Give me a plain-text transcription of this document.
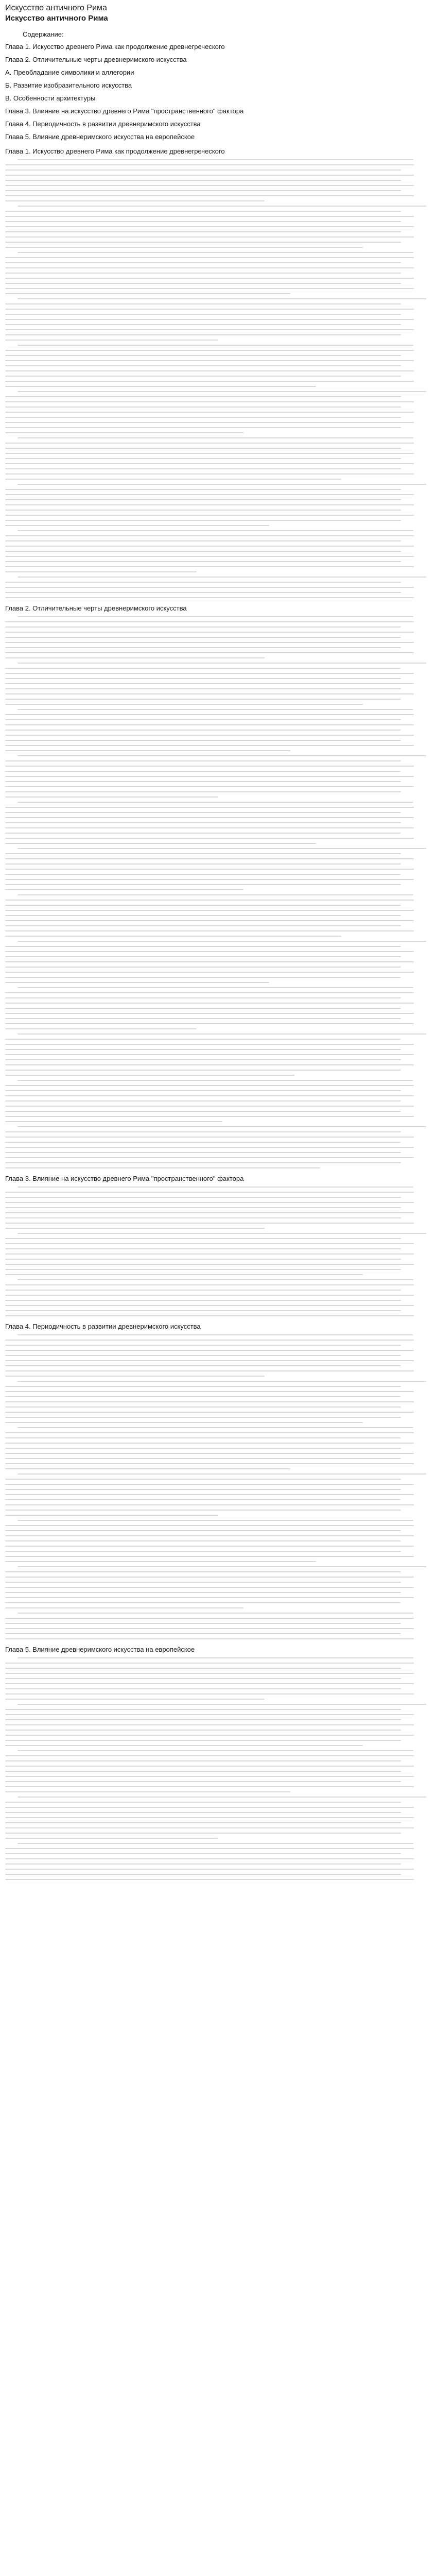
Искусство античного Рима

Искусство античного Рима

Содержание:

Глава 1. Искусство древнего Рима как продолжение древнегреческого

Глава 2. Отличительные черты древнеримского искусства

А. Преобладание символики и аллегории

Б. Развитие изобразительного искусства

В. Особенности архитектуры

Глава 3. Влияние на искусство древнего Рима "пространственного" фактора

Глава 4. Периодичность в развитии древнеримского искусства

Глава 5. Влияние древнеримского искусства на европейское

Глава 1. Искусство древнего Рима как продолжение древнегреческого

Глава 2. Отличительные черты древнеримского искусства

Глава 3. Влияние на искусство древнего Рима "пространственного" фактора

Глава 4. Периодичность в развитии древнеримского искусства

Глава 5. Влияние древнеримского искусства на европейское
